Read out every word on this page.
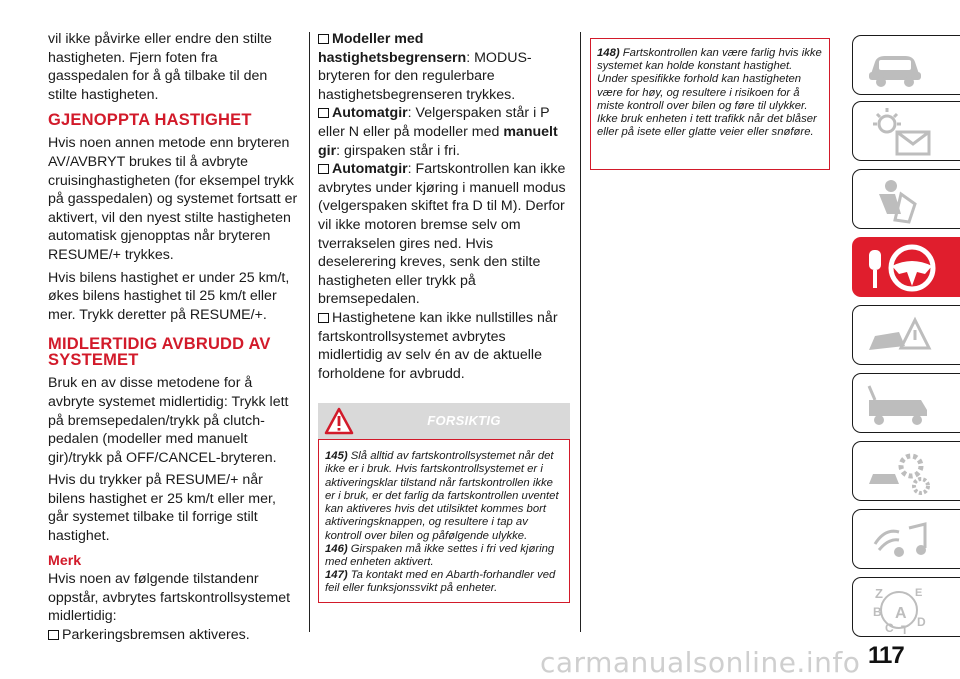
vil ikke påvirke eller endre den stilte hastigheten. Fjern foten fra gasspedalen for å gå tilbake til den stilte hastigheten.

GJENOPPTA HASTIGHET

Hvis noen annen metode enn bryteren AV/AVBRYT brukes til å avbryte cruisinghastigheten (for eksempel trykk på gasspedalen) og systemet fortsatt er aktivert, vil den nyest stilte hastigheten automatisk gjenopptas når bryteren RESUME/+ trykkes.

Hvis bilens hastighet er under 25 km/t, økes bilens hastighet til 25 km/t eller mer. Trykk deretter på RESUME/+.

MIDLERTIDIG AVBRUDD AV SYSTEMET

Bruk en av disse metodene for å avbryte systemet midlertidig: Trykk lett på bremsepedalen/trykk på clutch-pedalen (modeller med manuelt gir)/trykk på OFF/CANCEL-bryteren.

Hvis du trykker på RESUME/+ når bilens hastighet er 25 km/t eller mer, går systemet tilbake til forrige stilt hastighet.

Merk

Hvis noen av følgende tilstandenr oppstår, avbrytes fartskontrollsystemet midlertidig:

Parkeringsbremsen aktiveres.

Modeller med hastighetsbegrensern: MODUS-bryteren for den regulerbare hastighetsbegrenseren trykkes.

Automatgir: Velgerspaken står i P eller N eller på modeller med manuelt gir: girspaken står i fri.

Automatgir: Fartskontrollen kan ikke avbrytes under kjøring i manuell modus (velgerspaken skiftet fra D til M). Derfor vil ikke motoren bremse selv om tverrakselen gires ned. Hvis deselerering kreves, senk den stilte hastigheten eller trykk på bremsepedalen.

Hastighetene kan ikke nullstilles når fartskontrollsystemet avbrytes midlertidig av selv én av de aktuelle forholdene for avbrudd.

FORSIKTIG

145) Slå alltid av fartskontrollsystemet når det ikke er i bruk. Hvis fartskontrollsystemet er i aktiveringsklar tilstand når fartskontrollen ikke er i bruk, er det farlig da fartskontrollen uventet kan aktiveres hvis det utilsiktet kommes bort aktiveringsknappen, og resultere i tap av kontroll over bilen og påfølgende ulykke.

146) Girspaken må ikke settes i fri ved kjøring med enheten aktivert.

147) Ta kontakt med en Abarth-forhandler ved feil eller funksjonssvikt på enheter.

148) Fartskontrollen kan være farlig hvis ikke systemet kan holde konstant hastighet. Under spesifikke forhold kan hastigheten være for høy, og resultere i risikoen for å miste kontroll over bilen og føre til ulykker. Ikke bruk enheten i tett trafikk når det blåser eller på isete eller glatte veier eller snøføre.

Z	E
B A
C T
D
carmanualsonline.info 117
